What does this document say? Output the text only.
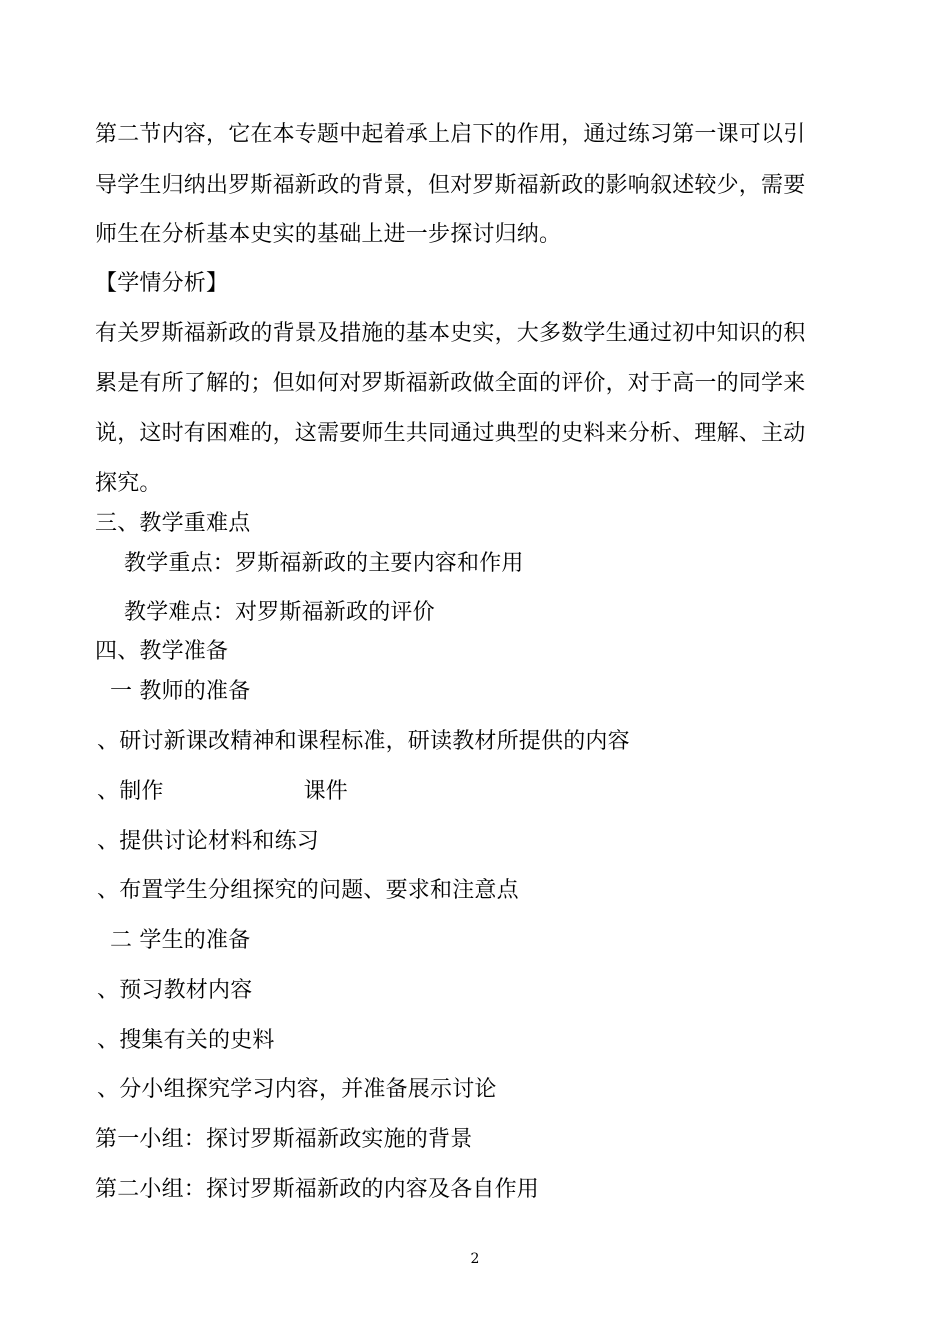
第二节内容，它在本专题中起着承上启下的作用，通过练习第一课可以引
导学生归纳出罗斯福新政的背景，但对罗斯福新政的影响叙述较少，需要
师生在分析基本史实的基础上进一步探讨归纳。
【学情分析】
有关罗斯福新政的背景及措施的基本史实，大多数学生通过初中知识的积
累是有所了解的；但如何对罗斯福新政做全面的评价，对于高一的同学来
说，这时有困难的，这需要师生共同通过典型的史料来分析、理解、主动
探究。
三、教学重难点
教学重点：罗斯福新政的主要内容和作用
教学难点：对罗斯福新政的评价
四、教学准备
一 教师的准备
、研讨新课改精神和课程标准，研读教材所提供的内容
、制作	课件
、提供讨论材料和练习
、布置学生分组探究的问题、要求和注意点
二 学生的准备
、预习教材内容
、搜集有关的史料
、分小组探究学习内容，并准备展示讨论
第一小组：探讨罗斯福新政实施的背景
第二小组：探讨罗斯福新政的内容及各自作用
2
